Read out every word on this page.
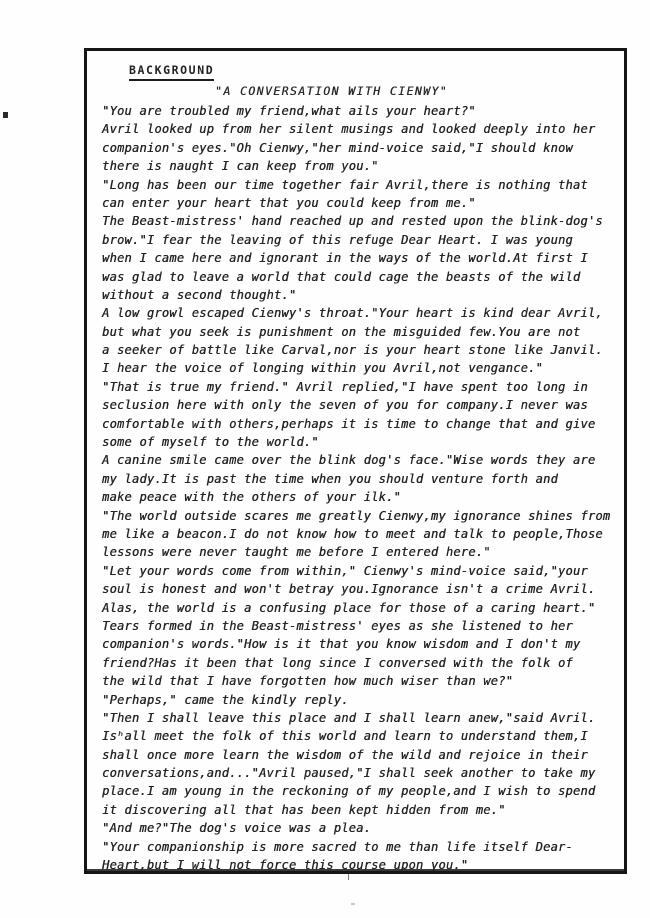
BACKGROUND
"A CONVERSATION WITH CIENWY"
"You are troubled my friend,what ails your heart?"
Avril looked up from her silent musings and looked deeply into her
companion's eyes."Oh Cienwy,"her mind-voice said,"I should know
there is naught I can keep from you."
"Long has been our time together fair Avril,there is nothing that
can enter your heart that you could keep from me."
The Beast-mistress' hand reached up and rested upon the blink-dog's
brow."I fear the leaving of this refuge Dear Heart. I was young
when I came here and ignorant in the ways of the world.At first I
was glad to leave a world that could cage the beasts of the wild
without a second thought."
A low growl escaped Cienwy's throat."Your heart is kind dear Avril,
but what you seek is punishment on the misguided few.You are not
a seeker of battle like Carval,nor is your heart stone like Janvil.
I hear the voice of longing within you Avril,not vengance."
"That is true my friend." Avril replied,"I have spent too long in
seclusion here with only the seven of you for company.I never was
comfortable with others,perhaps it is time to change that and give
some of myself to the world."
A canine smile came over the blink dog's face."Wise words they are
my lady.It is past the time when you should venture forth and
make peace with the others of your ilk."
"The world outside scares me greatly Cienwy,my ignorance shines from
me like a beacon.I do not know how to meet and talk to people,Those
lessons were never taught me before I entered here."
"Let your words come from within," Cienwy's mind-voice said,"your
soul is honest and won't betray you.Ignorance isn't a crime Avril.
Alas, the world is a confusing place for those of a caring heart."
Tears formed in the Beast-mistress' eyes as she listened to her
companion's words."How is it that you know wisdom and I don't my
friend?Has it been that long since I conversed with the folk of
the wild that I have forgotten how much wiser than we?"
"Perhaps," came the kindly reply.
"Then I shall leave this place and I shall learn anew,"said Avril.
Isʰall meet the folk of this world and learn to understand them,I
shall once more learn the wisdom of the wild and rejoice in their
conversations,and..."Avril paused,"I shall seek another to take my
place.I am young in the reckoning of my people,and I wish to spend
it discovering all that has been kept hidden from me."
"And me?"The dog's voice was a plea.
"Your companionship is more sacred to me than life itself Dear-
Heart,but I will not force this course upon you."
